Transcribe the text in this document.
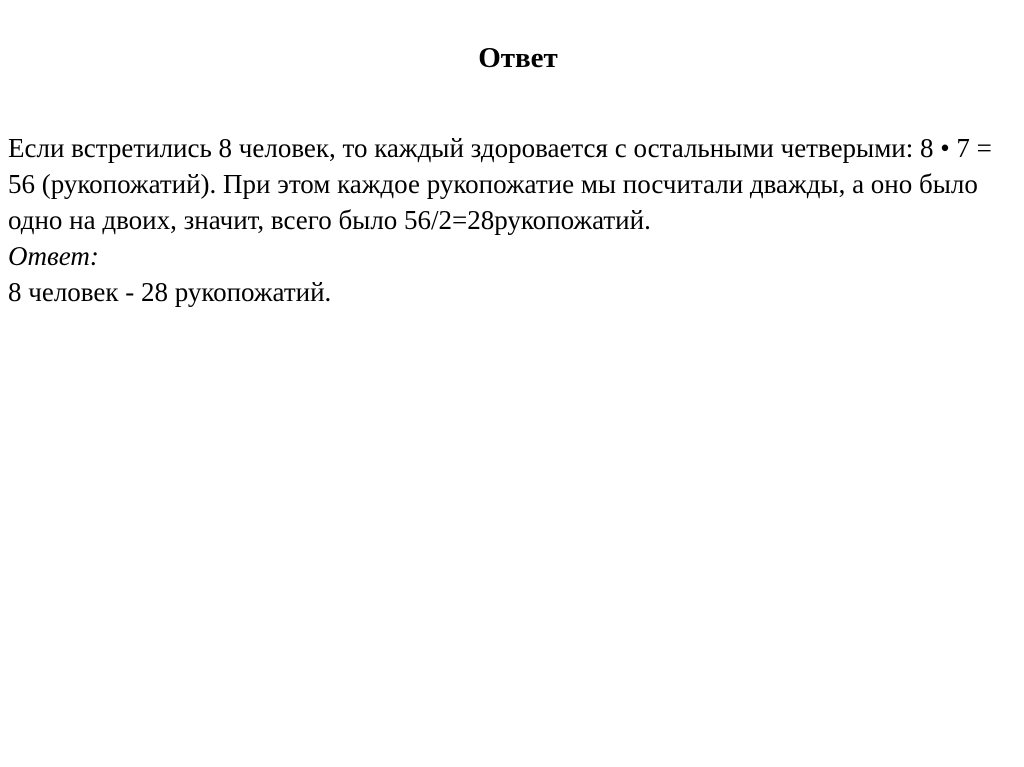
Ответ

Если встретились 8 человек, то каждый здоровается с остальными четверыми: 8 • 7 = 56 (рукопожатий). При этом каждое рукопожатие мы посчитали дважды, а оно было одно на двоих, значит, всего было 56/2=28рукопожатий.

Ответ:

8 человек - 28 рукопожатий.
